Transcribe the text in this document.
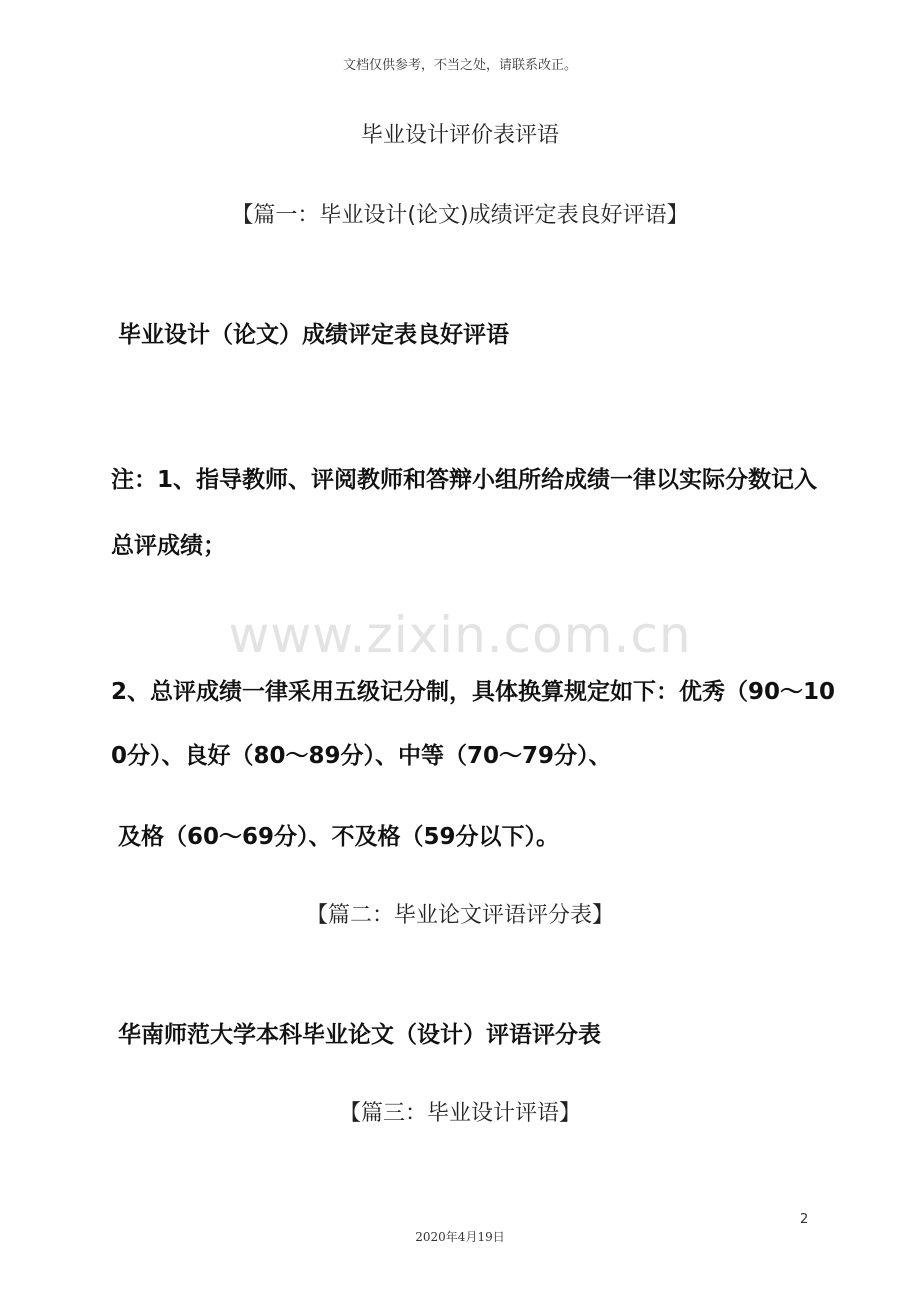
文档仅供参考，不当之处，请联系改正。
毕业设计评价表评语
【篇一：毕业设计(论文)成绩评定表良好评语】
毕业设计（论文）成绩评定表良好评语
注：1、指导教师、评阅教师和答辩小组所给成绩一律以实际分数记入
总评成绩；
www.zixin.com.cn
2、总评成绩一律采用五级记分制，具体换算规定如下：优秀（90～10
0分）、良好（80～89分）、中等（70～79分）、
及格（60～69分）、不及格（59分以下）。
【篇二：毕业论文评语评分表】
华南师范大学本科毕业论文（设计）评语评分表
【篇三：毕业设计评语】
2
2020年4月19日
